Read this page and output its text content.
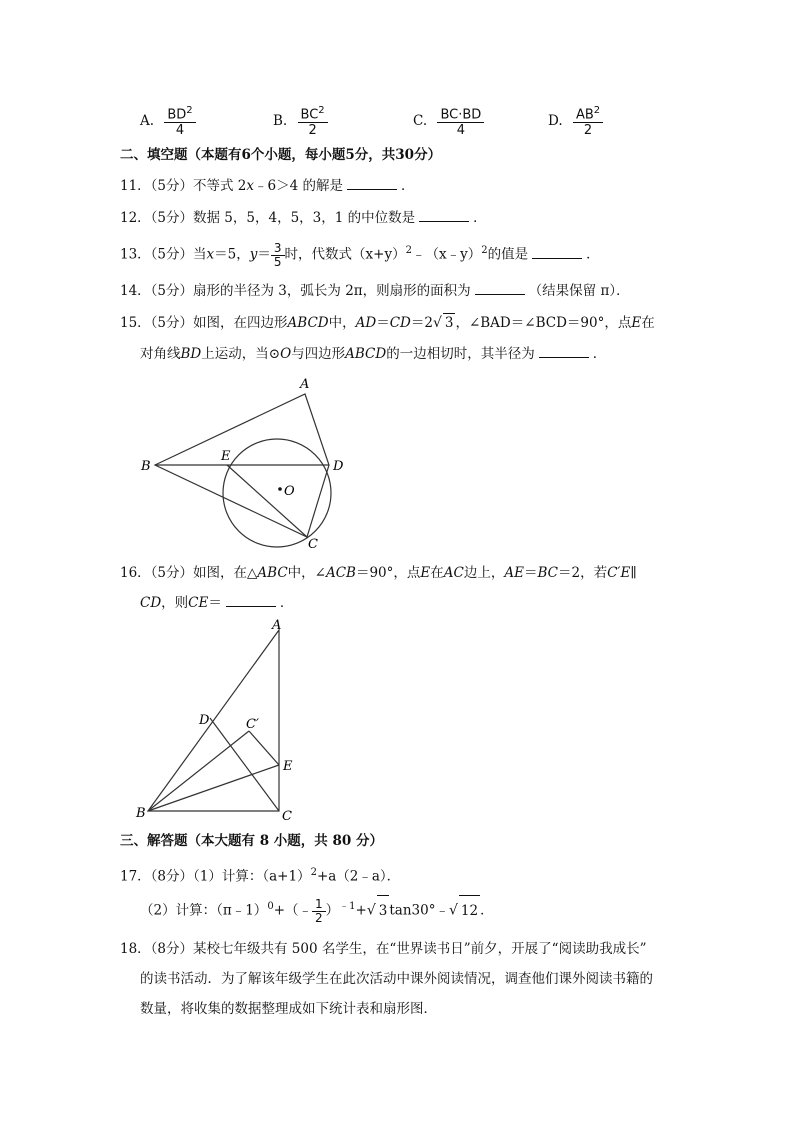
A. $\frac{BD^2}{4}$	B. $\frac{BC^2}{2}$	C. $\frac{BC\cdot BD}{4}$	D. $\frac{AB^2}{2}$
二、填空题（本题有6个小题，每小题5分，共30分）
11．（5分）不等式 2x﹣6＞4 的解是	．
12．（5分）数据 5，5，4，5，3，1 的中位数是	．
13．（5分）当x＝5，$y= \frac{3}{5}$ 时，代数式$(x+y)^2﹣(x﹣y)^2$的值是	．
14．（5分）扇形的半径为 3，弧长为 2π，则扇形的面积为	（结果保留 π）．
15．（5分）如图，在四边形ABCD中，AD＝CD＝2√ 3 ，∠BAD＝∠BCD＝90°，点E在
对角线BD上运动，当⊙O与四边形ABCD的一边相切时，其半径为	．
A
B
C
D
E
O
16．（5分）如图，在△ABC中，∠ACB＝90°，点E在AC边上，AE＝BC＝2，若C′E∥
CD，则CE＝	．
A
B	C
D
E
C′
三、解答题（本大题有 8 小题，共 80 分）
17．（8分）（1）计算：$(a+1)^2+a(2﹣a)$．
（2）计算：（π﹣1）$^0$+（﹣ $\frac{1}{2} )^{﹣1}+√$ 3 tan30°﹣√ 12 ．
18．（8分）某校七年级共有 500 名学生，在“世界读书日”前夕，开展了“阅读助我成长”
的读书活动．为了解该年级学生在此次活动中课外阅读情况，调查他们课外阅读书籍的
数量，将收集的数据整理成如下统计表和扇形图．
